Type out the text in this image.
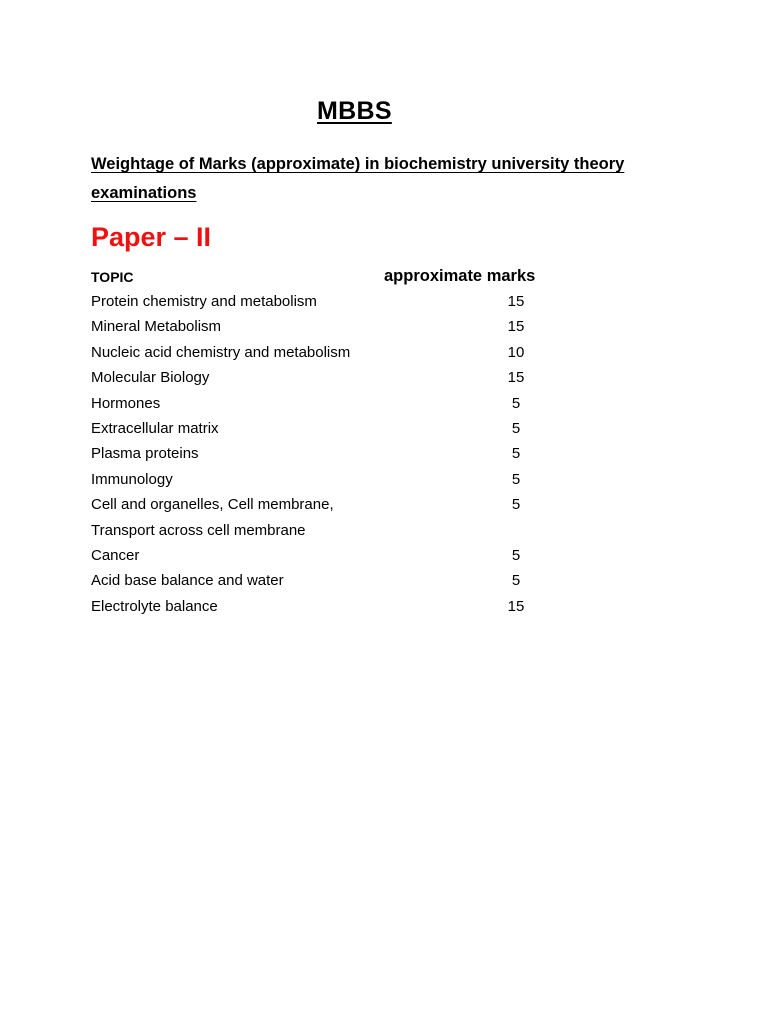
MBBS
Weightage of Marks (approximate) in biochemistry university theory examinations
Paper – II
TOPIC	approximate marks
Protein chemistry and metabolism	15
Mineral Metabolism	15
Nucleic acid chemistry and metabolism	10
Molecular Biology	15
Hormones	5
Extracellular matrix	5
Plasma proteins	5
Immunology	5
Cell and organelles, Cell membrane,	5
Transport across cell membrane
Cancer	5
Acid base balance and water	5
Electrolyte balance	15
